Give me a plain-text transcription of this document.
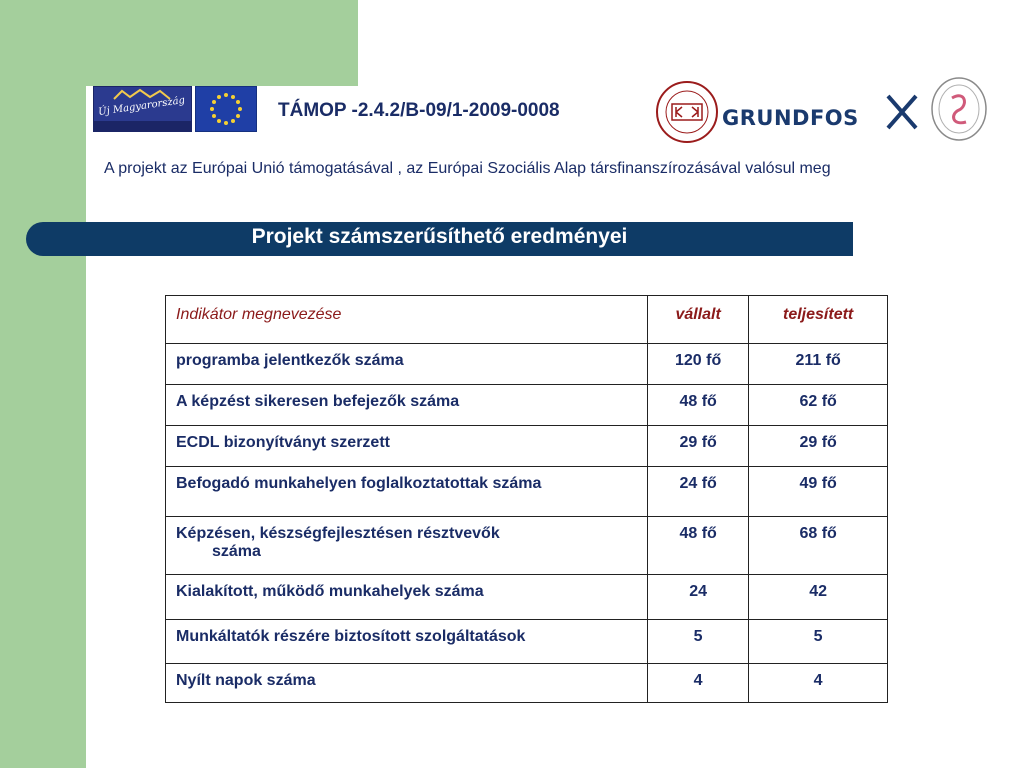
Új Magyarország	TÁMOP -2.4.2/B-09/1-2009-0008	GRUNDFOS
A projekt az Európai Unió támogatásával , az Európai Szociális Alap társfinanszírozásával valósul meg
Projekt számszerűsíthető eredményei
Indikátor megnevezése	vállalt	teljesített

programba jelentkezők száma	120 fő	211 fő

A képzést sikeresen befejezők száma	48 fő	62 fő

ECDL bizonyítványt szerzett	29 fő	29 fő

Befogadó munkahelyen foglalkoztatottak száma	24 fő	49 fő

Képzésen, készségfejlesztésen résztvevők
száma	48 fő	68 fő

Kialakított, működő munkahelyek száma	24	42

Munkáltatók részére biztosított szolgáltatások	5	5

Nyílt napok száma	4	4
